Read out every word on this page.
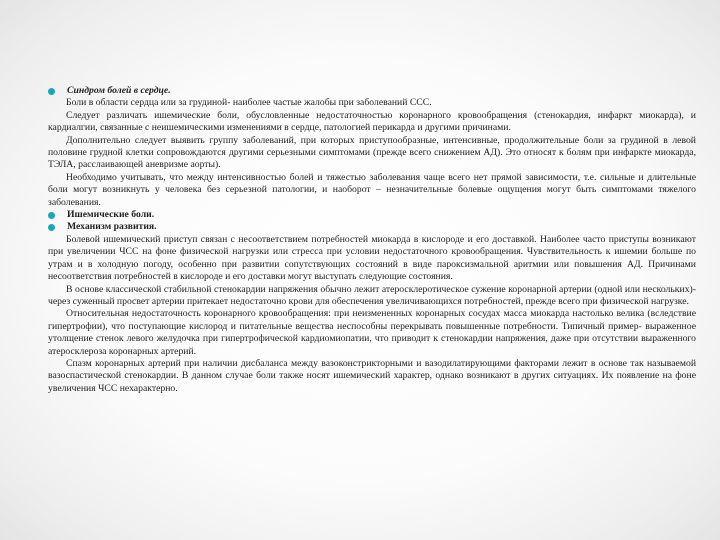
Синдром болей в сердце.

Боли в области сердца или за грудиной- наиболее частые жалобы при заболеваний ССС.

Следует различать ишемические боли, обусловленные недостаточностью коронарного кровообращения (стенокардия, инфаркт миокарда), и кардиалгии, связанные с неишемическими изменениями в сердце, патологией перикарда и другими причинами.

Дополнительно следует выявить группу заболеваний, при которых приступообразные, интенсивные, продолжительные боли за грудиной в левой половине грудной клетки сопровождаются другими серьезными симптомами (прежде всего снижением АД). Это относят к болям при инфаркте миокарда, ТЭЛА, расслаивающей аневризме аорты).

Необходимо учитывать, что между интенсивностью болей и тяжестью заболевания чаще всего нет прямой зависимости, т.е. сильные и длительные боли могут возникнуть у человека без серьезной патологии, и наоборот – незначительные болевые ощущения могут быть симптомами тяжелого заболевания.

Ишемические боли.
Механизм развития.

Болевой ишемический приступ связан с несоответствием потребностей миокарда в кислороде и его доставкой. Наиболее часто приступы возникают при увеличении ЧСС на фоне физической нагрузки или стресса при условии недостаточного кровообращения. Чувствительность к ишемии больше по утрам и в холодную погоду, особенно при развитии сопутствующих состояний в виде пароксизмальной аритмии или повышения АД. Причинами несоответствия потребностей в кислороде и его доставки могут выступать следующие состояния.

В основе классической стабильной стенокардии напряжения обычно лежит атеросклеротическое сужение коронарной артерии (одной или нескольких)- через суженный просвет артерии притекает недостаточно крови для обеспечения увеличивающихся потребностей, прежде всего при физической нагрузке.

Относительная недостаточность коронарного кровообращения: при неизмененных коронарных сосудах масса миокарда настолько велика (вследствие гипертрофии), что поступающие кислород и питательные вещества неспособны перекрывать повышенные потребности. Типичный пример- выраженное утолщение стенок левого желудочка при гипертрофической кардиомиопатии, что приводит к стенокардии напряжения, даже при отсутствии выраженного атеросклероза коронарных артерий.

Спазм коронарных артерий при наличии дисбаланса между вазоконстрикторными и вазодилатирующими факторами лежит в основе так называемой вазоспастической стенокардии. В данном случае боли также носят ишемический характер, однако возникают в других ситуациях. Их появление на фоне увеличения ЧСС нехарактерно.
